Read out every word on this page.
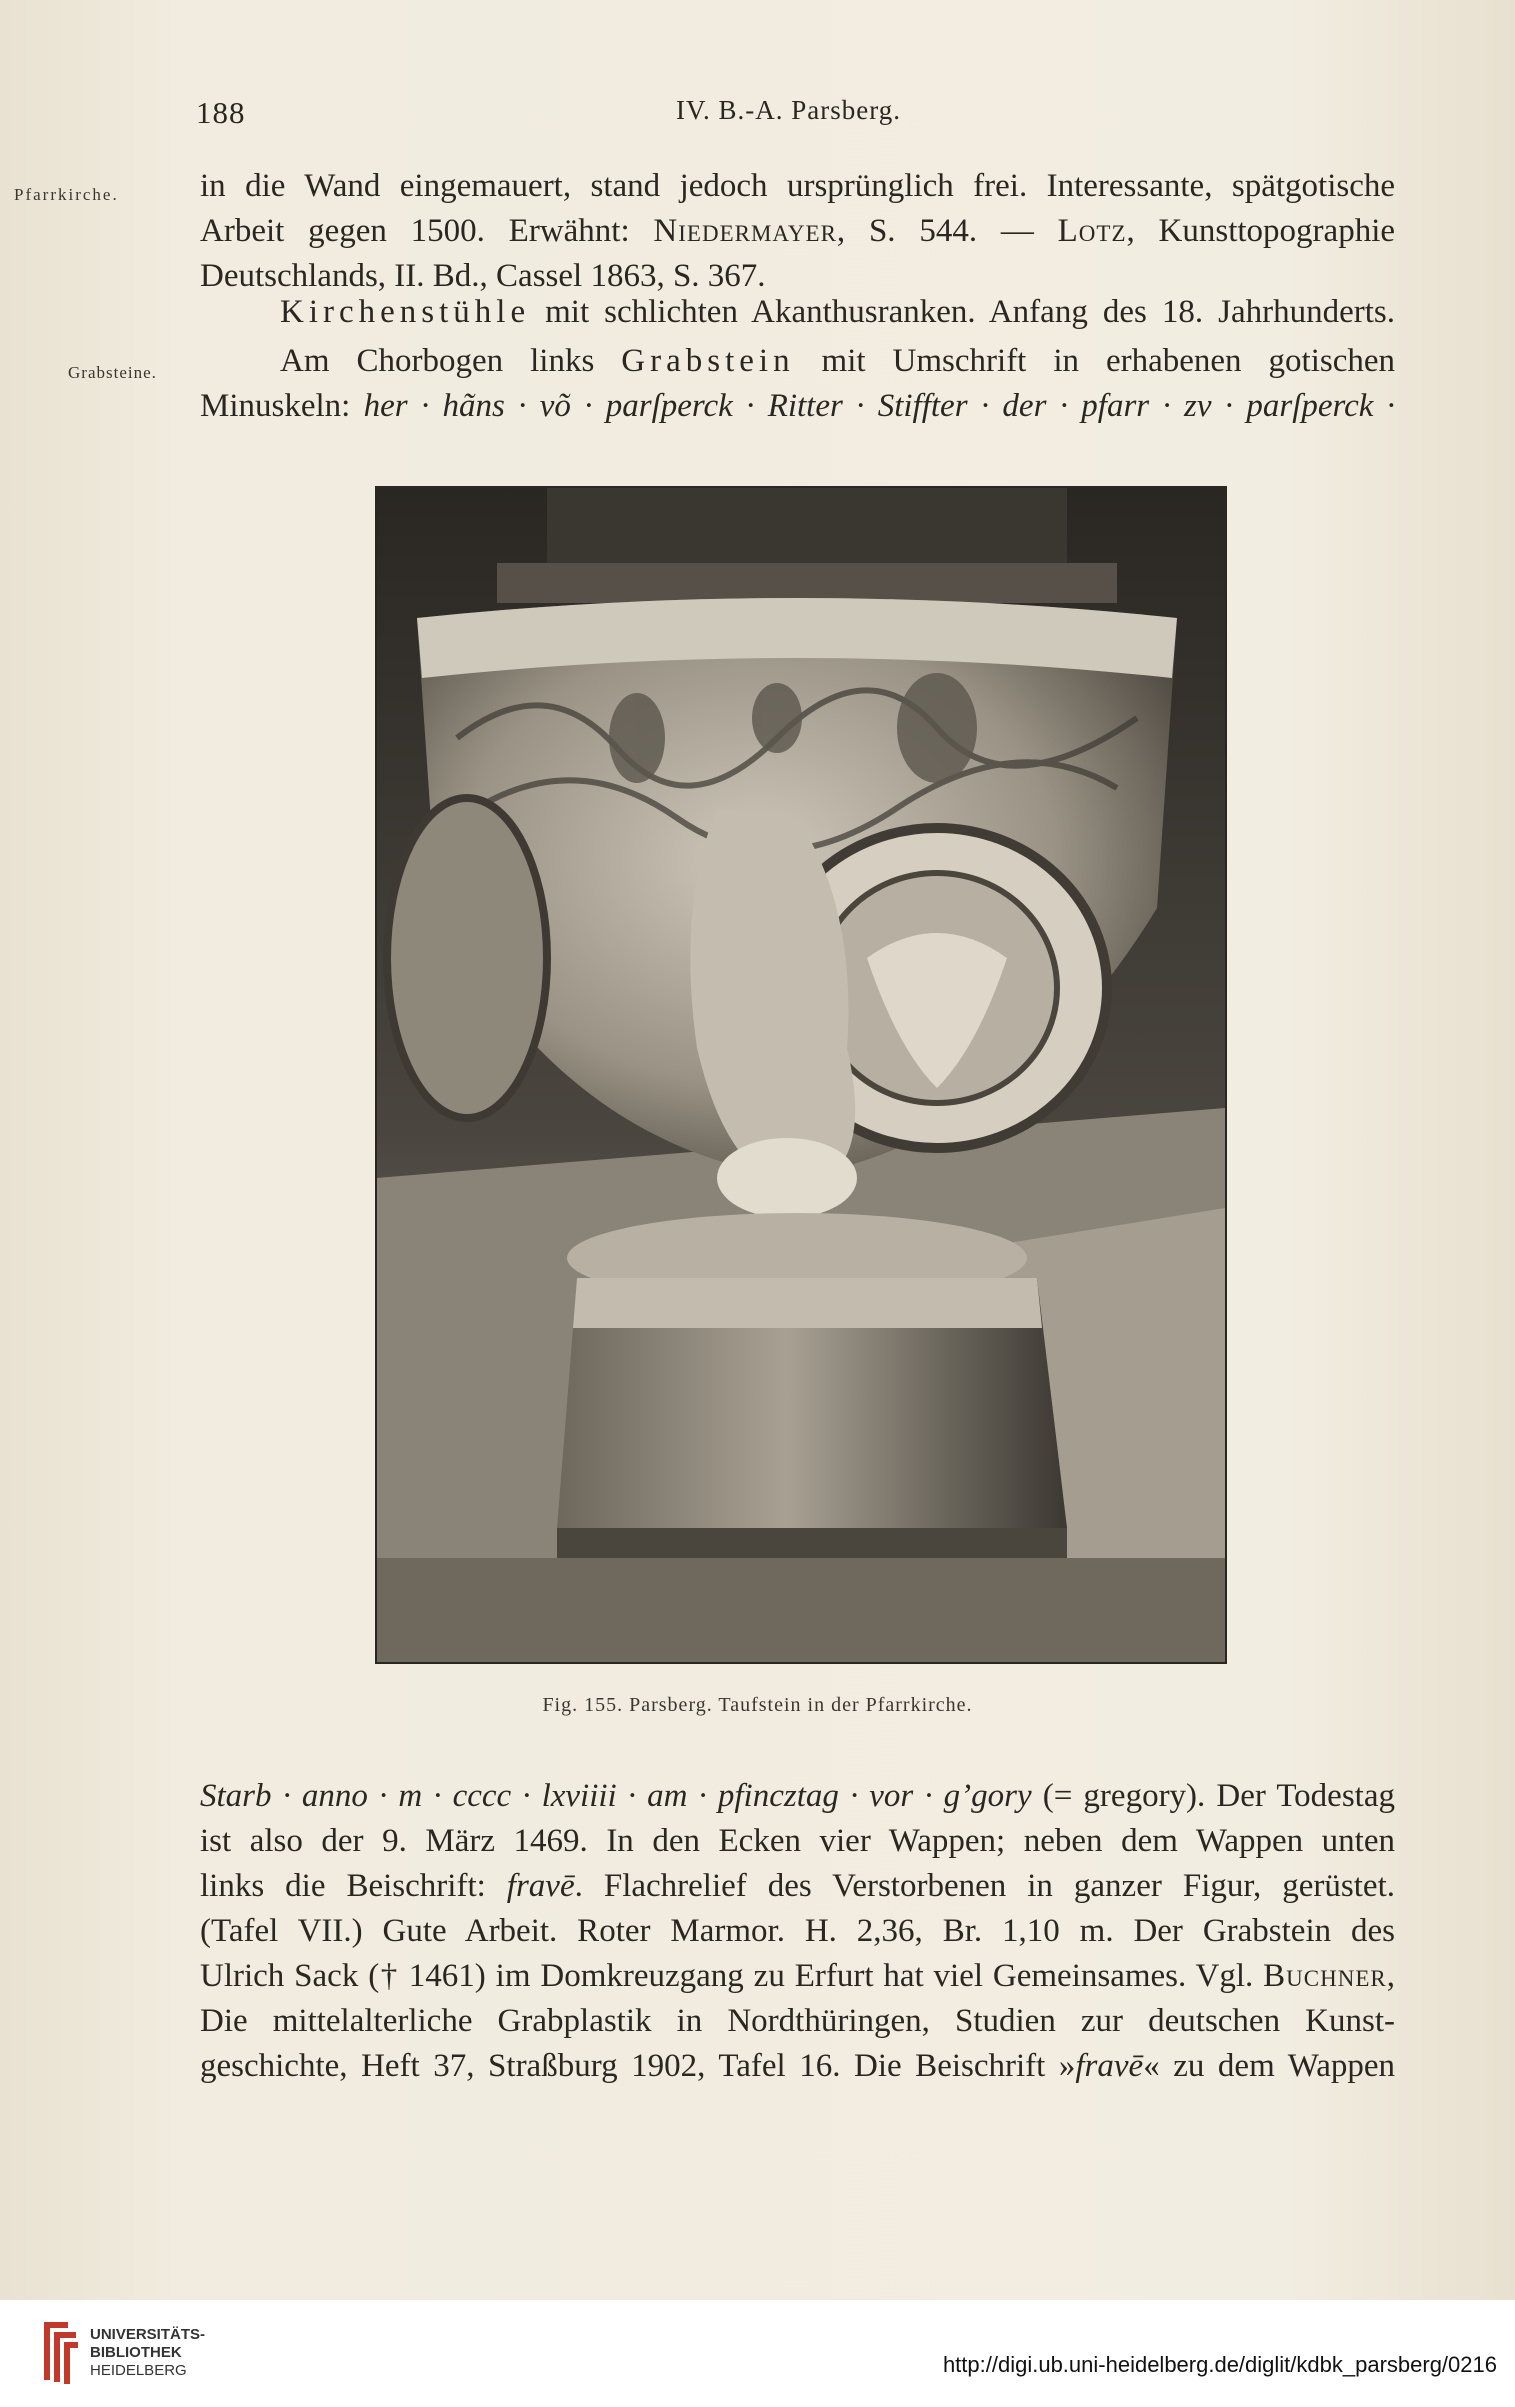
188	IV. B.-A. Parsberg.
Pfarrkirche.
Grabsteine.
in die Wand eingemauert, stand jedoch ursprünglich frei. Interessante, spätgotische
Arbeit gegen 1500. Erwähnt: Niedermayer, S. 544. — Lotz, Kunsttopographie
Deutschlands, II. Bd., Cassel 1863, S. 367.
Kirchenstühle mit schlichten Akanthusranken. Anfang des 18. Jahrhunderts.
Am Chorbogen links Grabstein mit Umschrift in erhabenen gotischen
Minuskeln: her · hãns · võ · parſperck · Ritter · Stiffter · der · pfarr · zv · parſperck ·
Fig. 155. Parsberg. Taufstein in der Pfarrkirche.
Starb · anno · m · cccc · lxviiii · am · pfincztag · vor · g’gory (= gregory). Der Todestag
ist also der 9. März 1469. In den Ecken vier Wappen; neben dem Wappen unten
links die Beischrift: fravē. Flachrelief des Verstorbenen in ganzer Figur, gerüstet.
(Tafel VII.) Gute Arbeit. Roter Marmor. H. 2,36, Br. 1,10 m. Der Grabstein des
Ulrich Sack († 1461) im Domkreuzgang zu Erfurt hat viel Gemeinsames. Vgl. Buchner,
Die mittelalterliche Grabplastik in Nordthüringen, Studien zur deutschen Kunst-
geschichte, Heft 37, Straßburg 1902, Tafel 16. Die Beischrift »fravē« zu dem Wappen
UNIVERSITÄTS-
BIBLIOTHEK
HEIDELBERG	http://digi.ub.uni-heidelberg.de/diglit/kdbk_parsberg/0216
